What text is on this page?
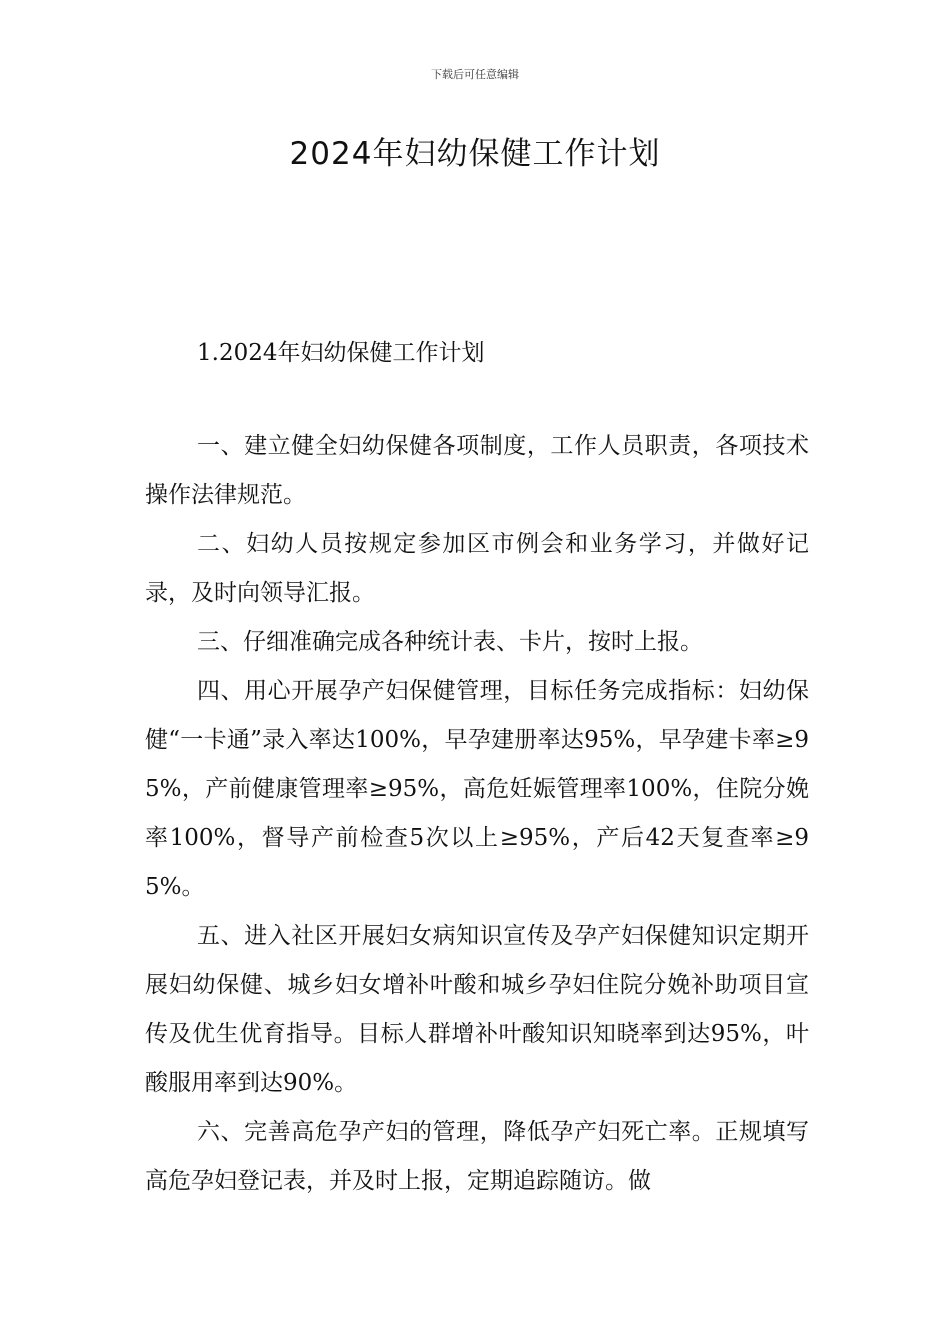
下载后可任意编辑
2024年妇幼保健工作计划
1.2024年妇幼保健工作计划

一、建立健全妇幼保健各项制度，工作人员职责，各项技术操作法律规范。

二、妇幼人员按规定参加区市例会和业务学习，并做好记录，及时向领导汇报。

三、仔细准确完成各种统计表、卡片，按时上报。

四、用心开展孕产妇保健管理，目标任务完成指标：妇幼保健“一卡通”录入率达100%，早孕建册率达95%，早孕建卡率≥95%，产前健康管理率≥95%，高危妊娠管理率100%，住院分娩率100%，督导产前检查5次以上≥95%，产后42天复查率≥95%。

五、进入社区开展妇女病知识宣传及孕产妇保健知识定期开展妇幼保健、城乡妇女增补叶酸和城乡孕妇住院分娩补助项目宣传及优生优育指导。目标人群增补叶酸知识知晓率到达95%，叶酸服用率到达90%。

六、完善高危孕产妇的管理，降低孕产妇死亡率。正规填写高危孕妇登记表，并及时上报，定期追踪随访。做
